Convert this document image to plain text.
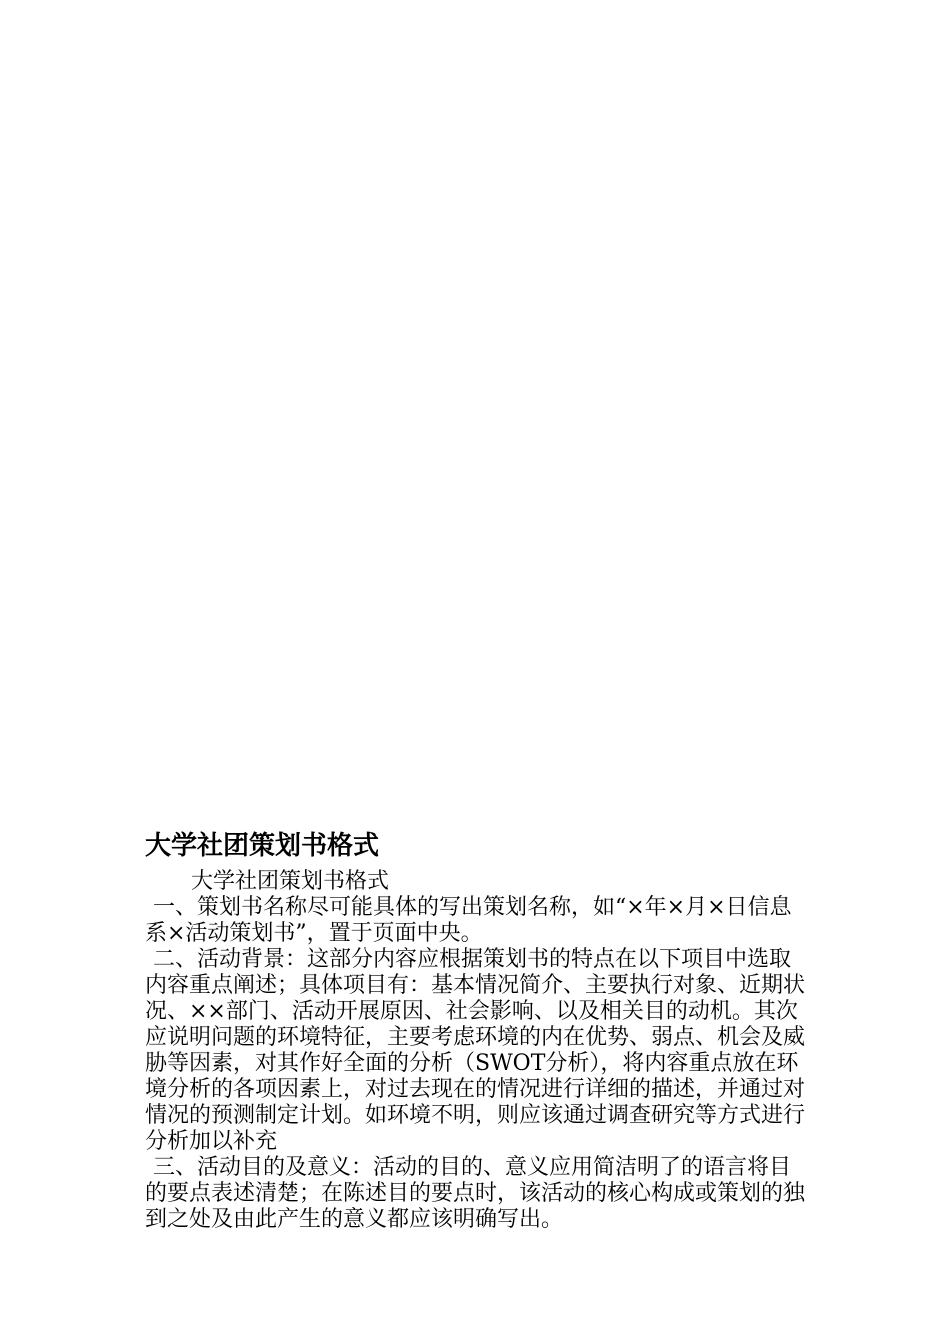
大学社团策划书格式

大学社团策划书格式

一、策划书名称尽可能具体的写出策划名称，如“×年×月×日信息系×活动策划书”，置于页面中央。

二、活动背景：这部分内容应根据策划书的特点在以下项目中选取内容重点阐述；具体项目有：基本情况简介、主要执行对象、近期状况、××部门、活动开展原因、社会影响、以及相关目的动机。其次应说明问题的环境特征，主要考虑环境的内在优势、弱点、机会及威胁等因素，对其作好全面的分析（SWOT分析），将内容重点放在环境分析的各项因素上，对过去现在的情况进行详细的描述，并通过对情况的预测制定计划。如环境不明，则应该通过调查研究等方式进行分析加以补充

三、活动目的及意义：活动的目的、意义应用简洁明了的语言将目的要点表述清楚；在陈述目的要点时，该活动的核心构成或策划的独到之处及由此产生的意义都应该明确写出。
